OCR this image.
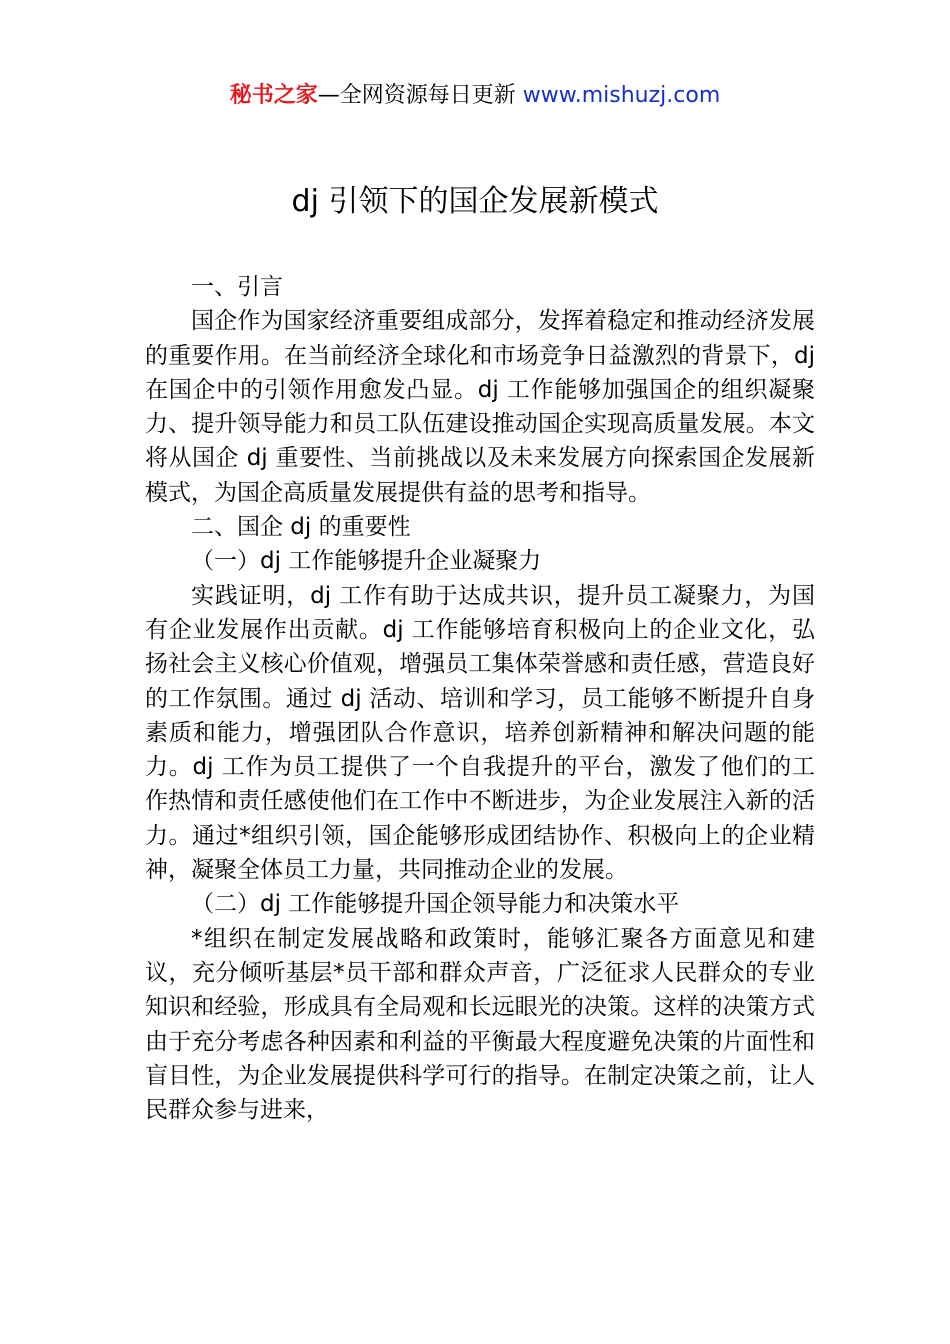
秘书之家—全网资源每日更新 www.mishuzj.com
dj 引领下的国企发展新模式

一、引言

国企作为国家经济重要组成部分，发挥着稳定和推动经济发展的重要作用。在当前经济全球化和市场竞争日益激烈的背景下，dj 在国企中的引领作用愈发凸显。dj 工作能够加强国企的组织凝聚力、提升领导能力和员工队伍建设推动国企实现高质量发展。本文将从国企 dj 重要性、当前挑战以及未来发展方向探索国企发展新模式，为国企高质量发展提供有益的思考和指导。

二、国企 dj 的重要性

（一）dj 工作能够提升企业凝聚力

实践证明，dj 工作有助于达成共识，提升员工凝聚力，为国有企业发展作出贡献。dj 工作能够培育积极向上的企业文化，弘扬社会主义核心价值观，增强员工集体荣誉感和责任感，营造良好的工作氛围。通过 dj 活动、培训和学习，员工能够不断提升自身素质和能力，增强团队合作意识，培养创新精神和解决问题的能力。dj 工作为员工提供了一个自我提升的平台，激发了他们的工作热情和责任感使他们在工作中不断进步，为企业发展注入新的活力。通过*组织引领，国企能够形成团结协作、积极向上的企业精神，凝聚全体员工力量，共同推动企业的发展。

（二）dj 工作能够提升国企领导能力和决策水平

*组织在制定发展战略和政策时，能够汇聚各方面意见和建议，充分倾听基层*员干部和群众声音，广泛征求人民群众的专业知识和经验，形成具有全局观和长远眼光的决策。这样的决策方式由于充分考虑各种因素和利益的平衡最大程度避免决策的片面性和盲目性，为企业发展提供科学可行的指导。在制定决策之前，让人民群众参与进来，
